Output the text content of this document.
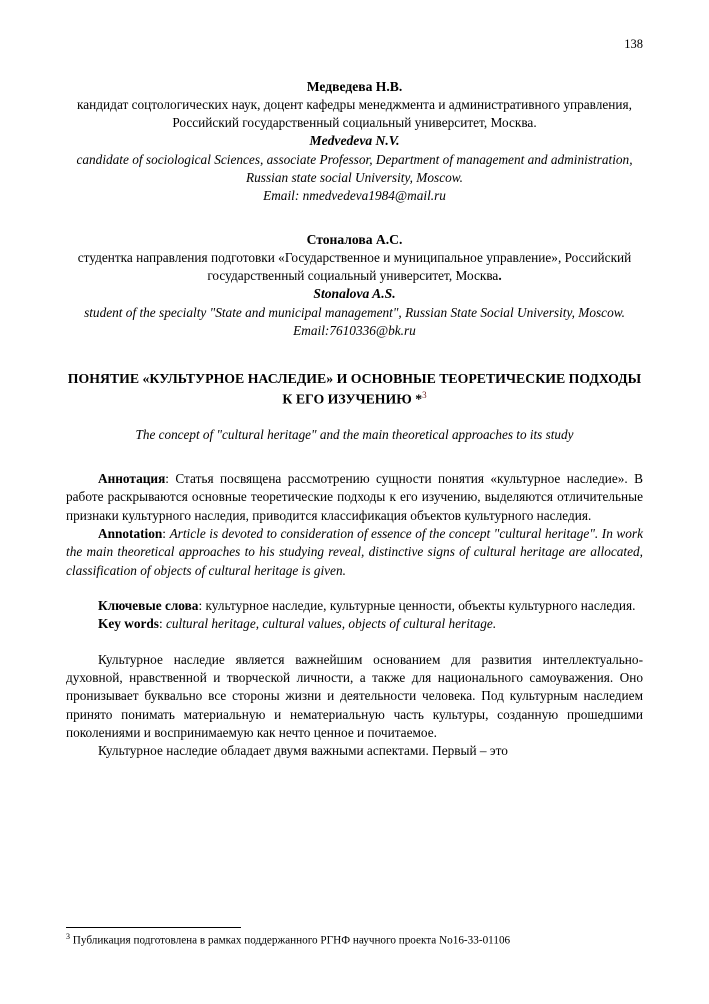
138
Медведева Н.В.

кандидат соцтологических наук, доцент кафедры менеджмента и административного управления, Российский государственный социальный университет, Москва.

Medvedeva N.V.

candidate of sociological Sciences, associate Professor, Department of management and administration, Russian state social University, Moscow.

Email: nmedvedeva1984@mail.ru

Стоналова А.С.

студентка направления подготовки «Государственное и муниципальное управление», Российский государственный социальный университет, Москва.

Stonalova A.S.

student of the specialty "State and municipal management", Russian State Social University, Moscow.

Email:7610336@bk.ru

ПОНЯТИЕ «КУЛЬТУРНОЕ НАСЛЕДИЕ» И ОСНОВНЫЕ ТЕОРЕТИЧЕСКИЕ ПОДХОДЫ К ЕГО ИЗУЧЕНИЮ *$^3$

The concept of "cultural heritage" and the main theoretical approaches to its study

Аннотация: Статья посвящена рассмотрению сущности понятия «культурное наследие». В работе раскрываются основные теоретические подходы к его изучению, выделяются отличительные признаки культурного наследия, приводится классификация объектов культурного наследия.

Annotation: Article is devoted to consideration of essence of the concept "cultural heritage". In work the main theoretical approaches to his studying reveal, distinctive signs of cultural heritage are allocated, classification of objects of cultural heritage is given.

Ключевые слова: культурное наследие, культурные ценности, объекты культурного наследия.

Key words: cultural heritage, cultural values, objects of cultural heritage.

Культурное наследие является важнейшим основанием для развития интеллектуально-духовной, нравственной и творческой личности, а также для национального самоуважения. Оно пронизывает буквально все стороны жизни и деятельности человека. Под культурным наследием принято понимать материальную и нематериальную часть культуры, созданную прошедшими поколениями и воспринимаемую как нечто ценное и почитаемое.

Культурное наследие обладает двумя важными аспектами. Первый – это

$^3$ Публикация подготовлена в рамках поддержанного РГНФ научного проекта No16-33-01106
